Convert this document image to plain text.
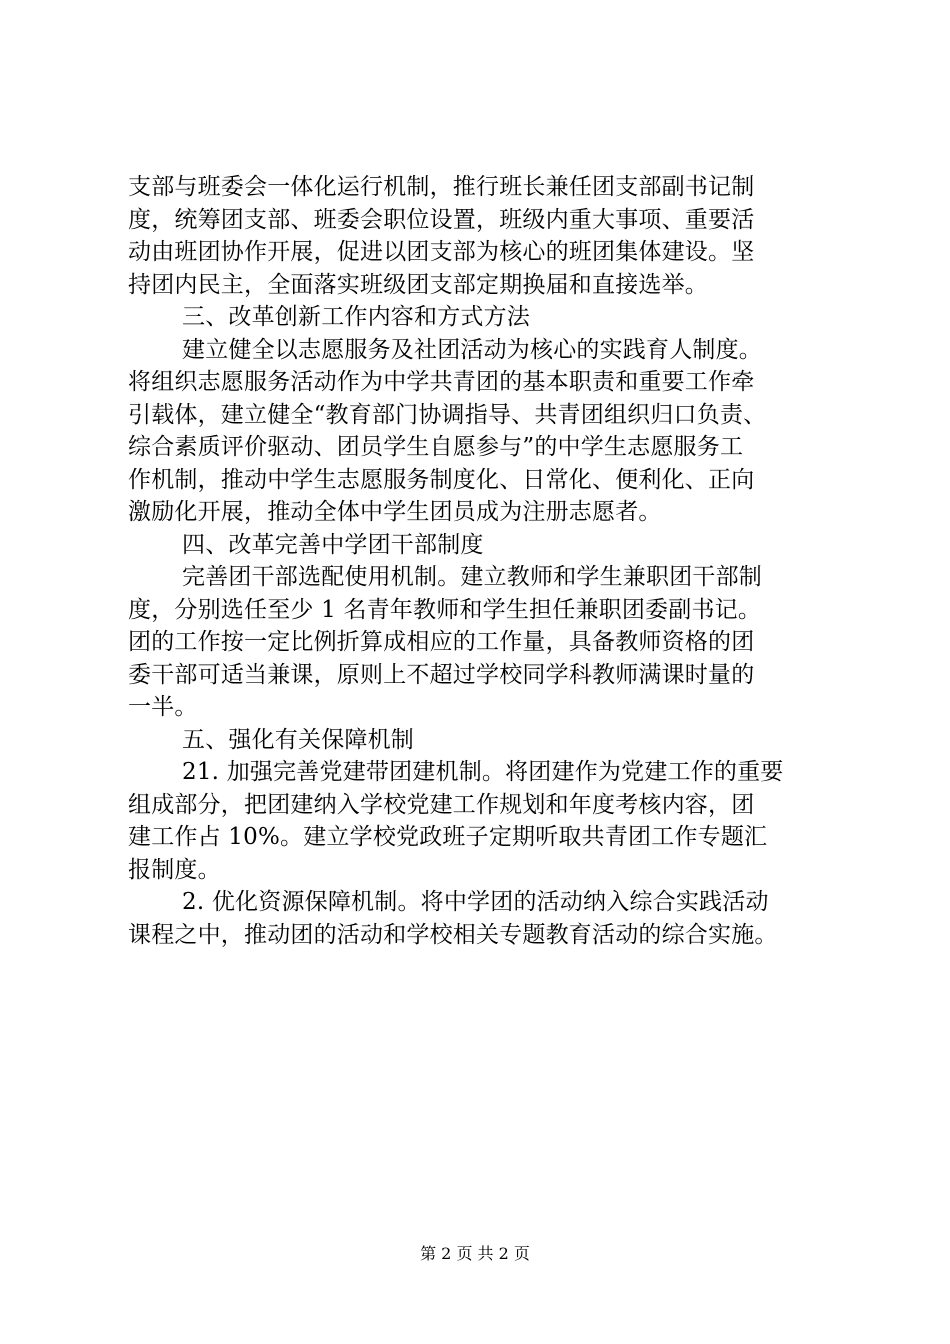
支部与班委会一体化运行机制，推行班长兼任团支部副书记制
度，统筹团支部、班委会职位设置，班级内重大事项、重要活
动由班团协作开展，促进以团支部为核心的班团集体建设。坚
持团内民主，全面落实班级团支部定期换届和直接选举。
三、改革创新工作内容和方式方法
建立健全以志愿服务及社团活动为核心的实践育人制度。
将组织志愿服务活动作为中学共青团的基本职责和重要工作牵
引载体，建立健全“教育部门协调指导、共青团组织归口负责、
综合素质评价驱动、团员学生自愿参与”的中学生志愿服务工
作机制，推动中学生志愿服务制度化、日常化、便利化、正向
激励化开展，推动全体中学生团员成为注册志愿者。
四、改革完善中学团干部制度
完善团干部选配使用机制。建立教师和学生兼职团干部制
度，分别选任至少 1 名青年教师和学生担任兼职团委副书记。
团的工作按一定比例折算成相应的工作量，具备教师资格的团
委干部可适当兼课，原则上不超过学校同学科教师满课时量的
一半。
五、强化有关保障机制
21. 加强完善党建带团建机制。将团建作为党建工作的重要
组成部分，把团建纳入学校党建工作规划和年度考核内容，团
建工作占 10%。建立学校党政班子定期听取共青团工作专题汇
报制度。
2. 优化资源保障机制。将中学团的活动纳入综合实践活动
课程之中，推动团的活动和学校相关专题教育活动的综合实施。
第 2 页 共 2 页
